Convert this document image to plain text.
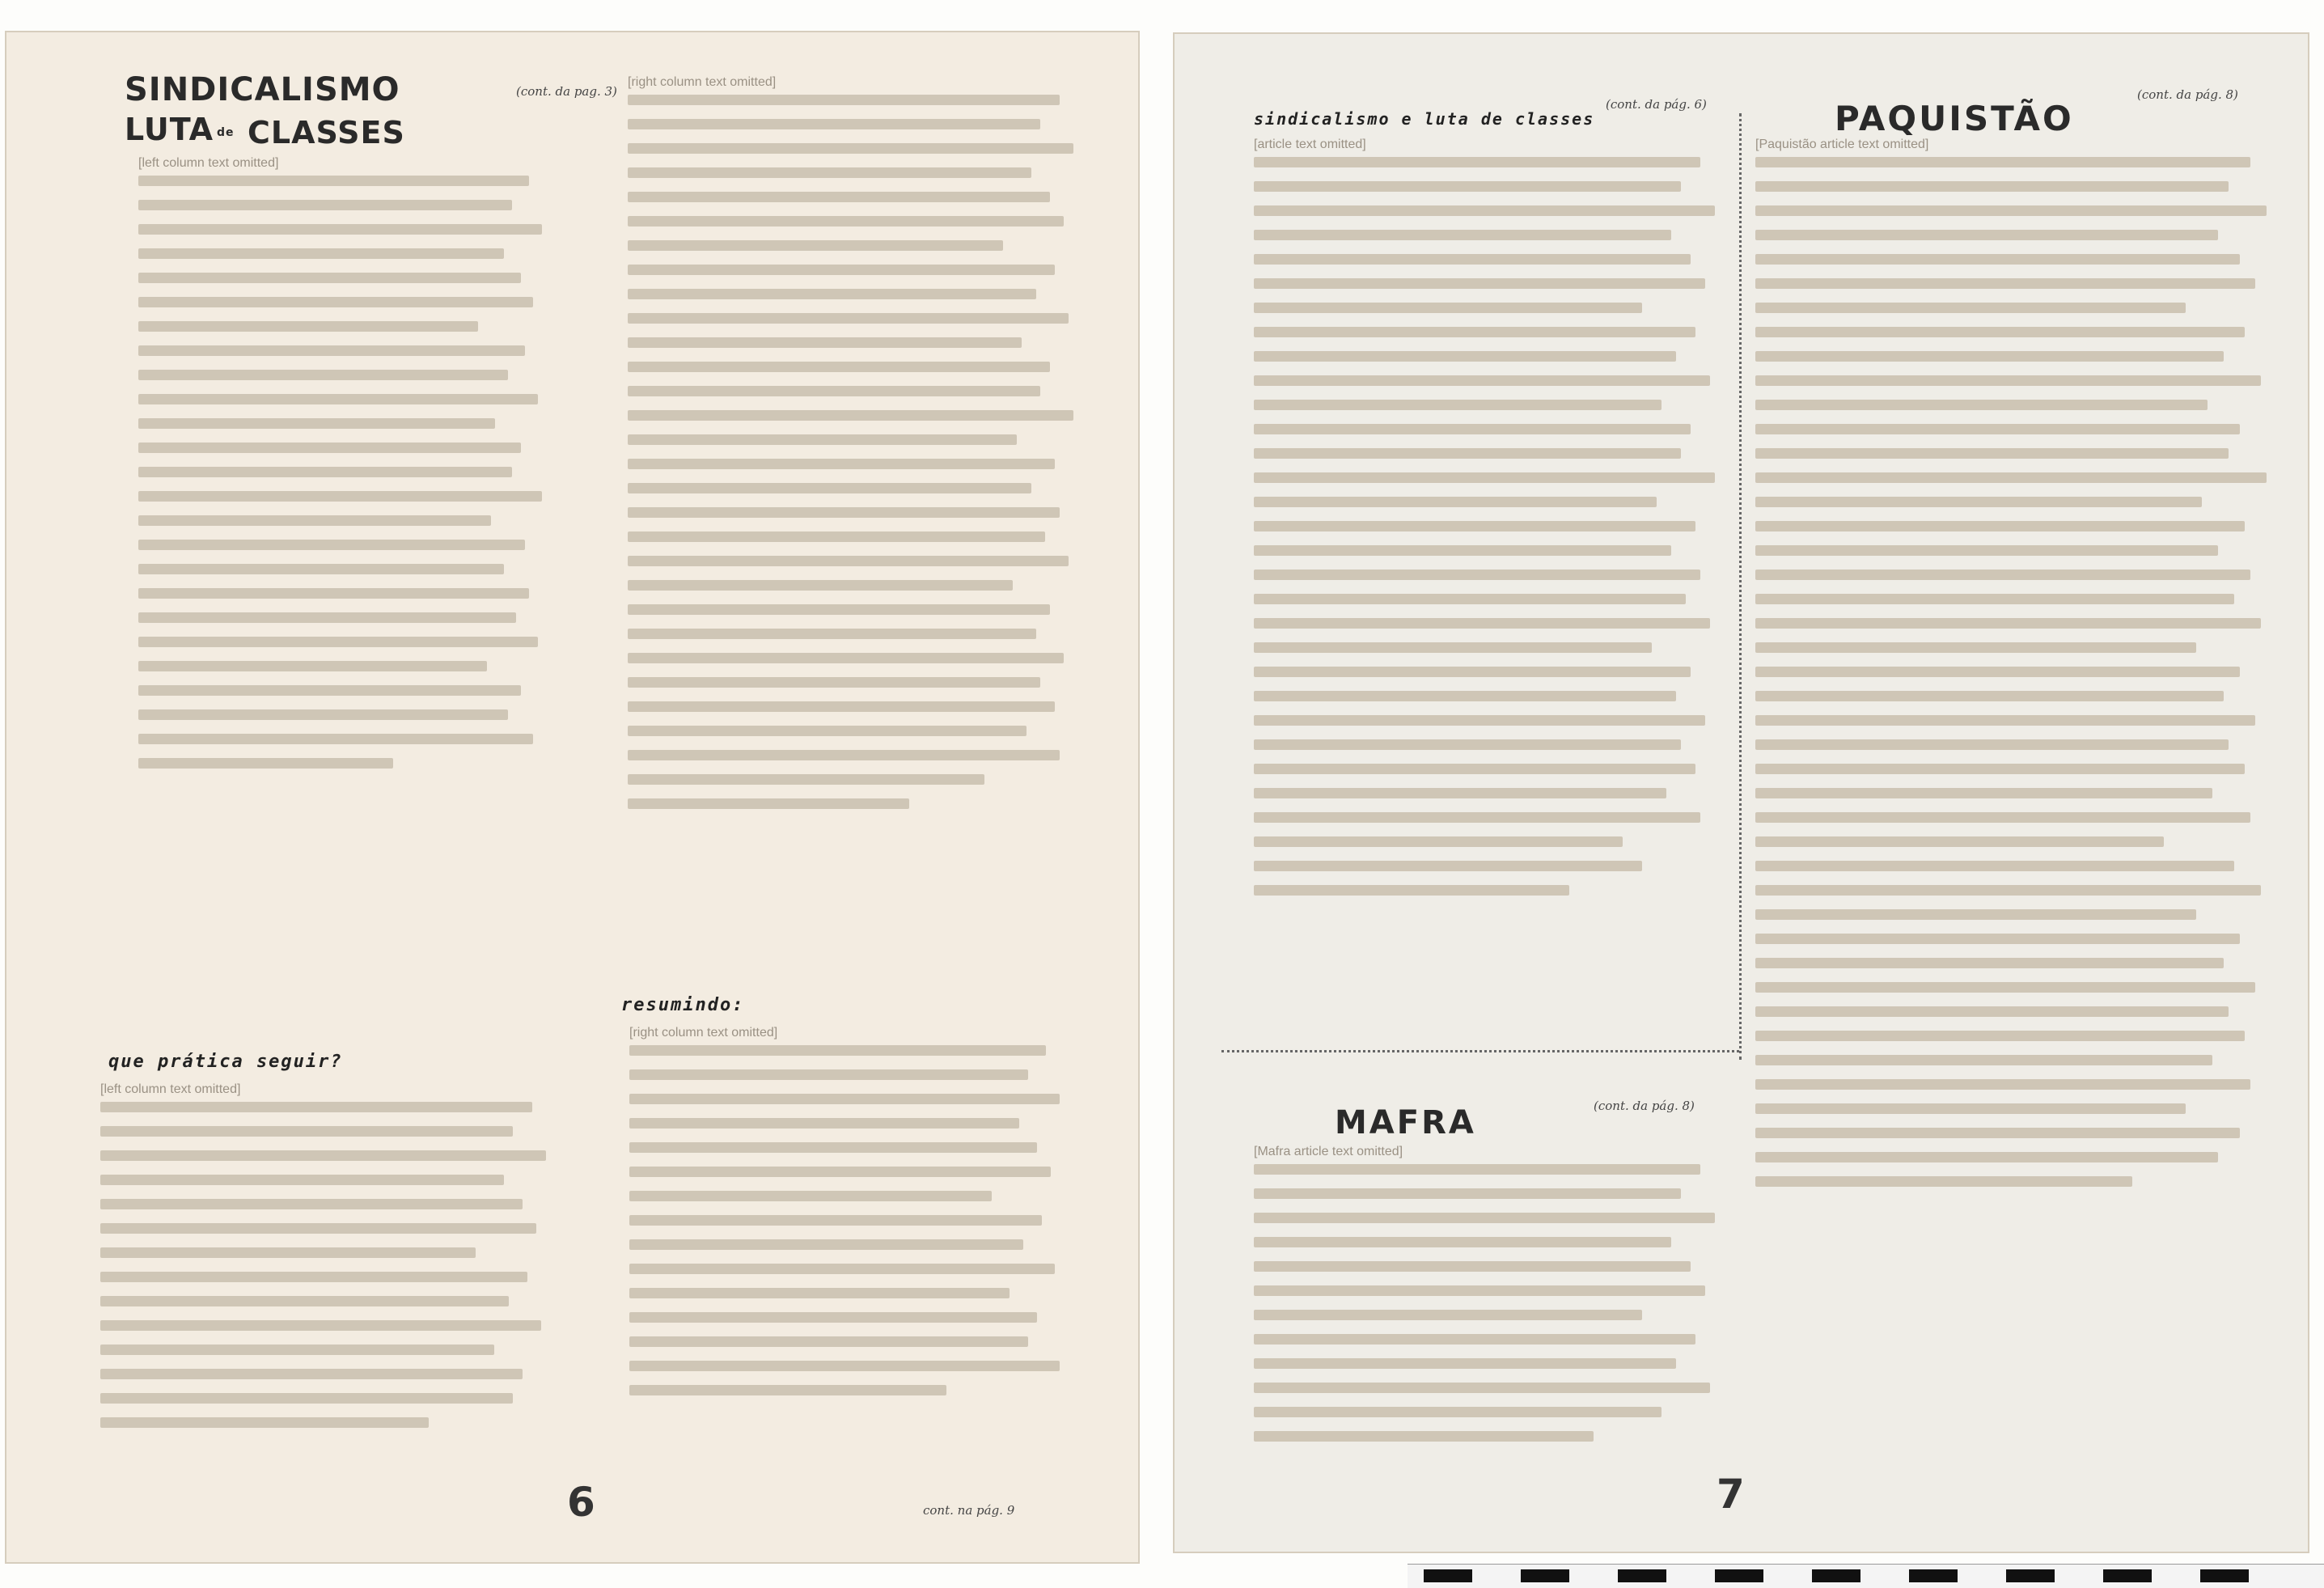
SINDICALISMO
LUTA de CLASSES
(cont. da pag. 3)
[left column text omitted]
que prática seguir?
[left column text omitted]
[right column text omitted]
resumindo:
[right column text omitted]
6	cont. na pág. 9
sindicalismo e luta de classes
(cont. da pág. 6)
[article text omitted]
PAQUISTÃO
(cont. da pág. 8)
[Paquistão article text omitted]
MAFRA	(cont. da pág. 8)
[Mafra article text omitted]
7
